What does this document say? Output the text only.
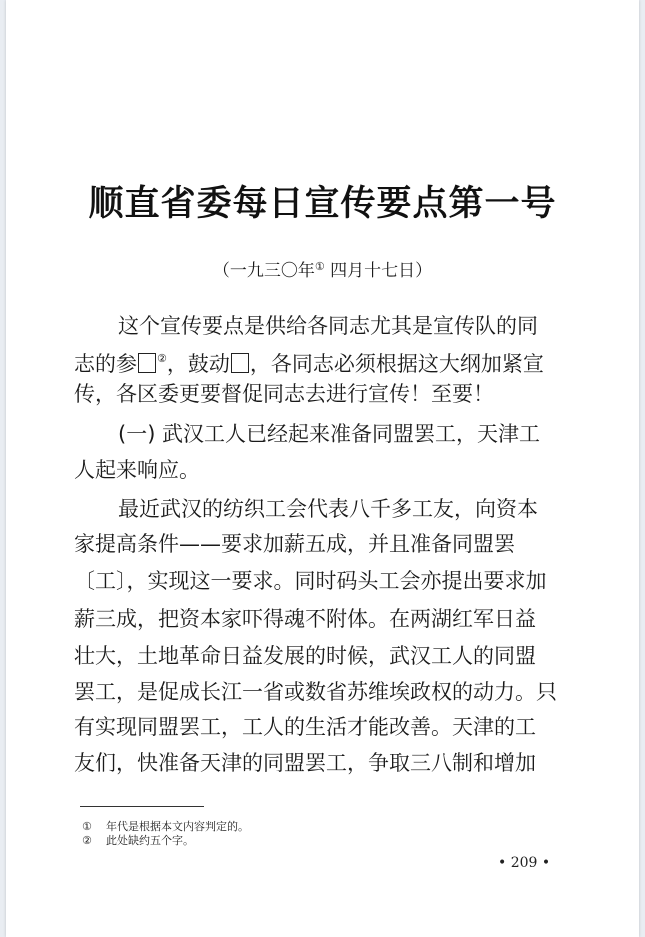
顺直省委每日宣传要点第一号
（一九三〇年① 四月十七日）
这个宣传要点是供给各同志尤其是宣传队的同
志的参 ②，鼓动 ，各同志必须根据这大纲加紧宣
传，各区委更要督促同志去进行宣传！至要！
(一) 武汉工人已经起来准备同盟罢工，天津工
人起来响应。
最近武汉的纺织工会代表八千多工友，向资本
家提高条件——要求加薪五成，并且准备同盟罢
〔工〕，实现这一要求。同时码头工会亦提出要求加
薪三成，把资本家吓得魂不附体。在两湖红军日益
壮大，土地革命日益发展的时候，武汉工人的同盟
罢工，是促成长江一省或数省苏维埃政权的动力。只
有实现同盟罢工，工人的生活才能改善。天津的工
友们，快准备天津的同盟罢工，争取三八制和增加
① 年代是根据本文内容判定的。
② 此处缺约五个字。
• 209 •
